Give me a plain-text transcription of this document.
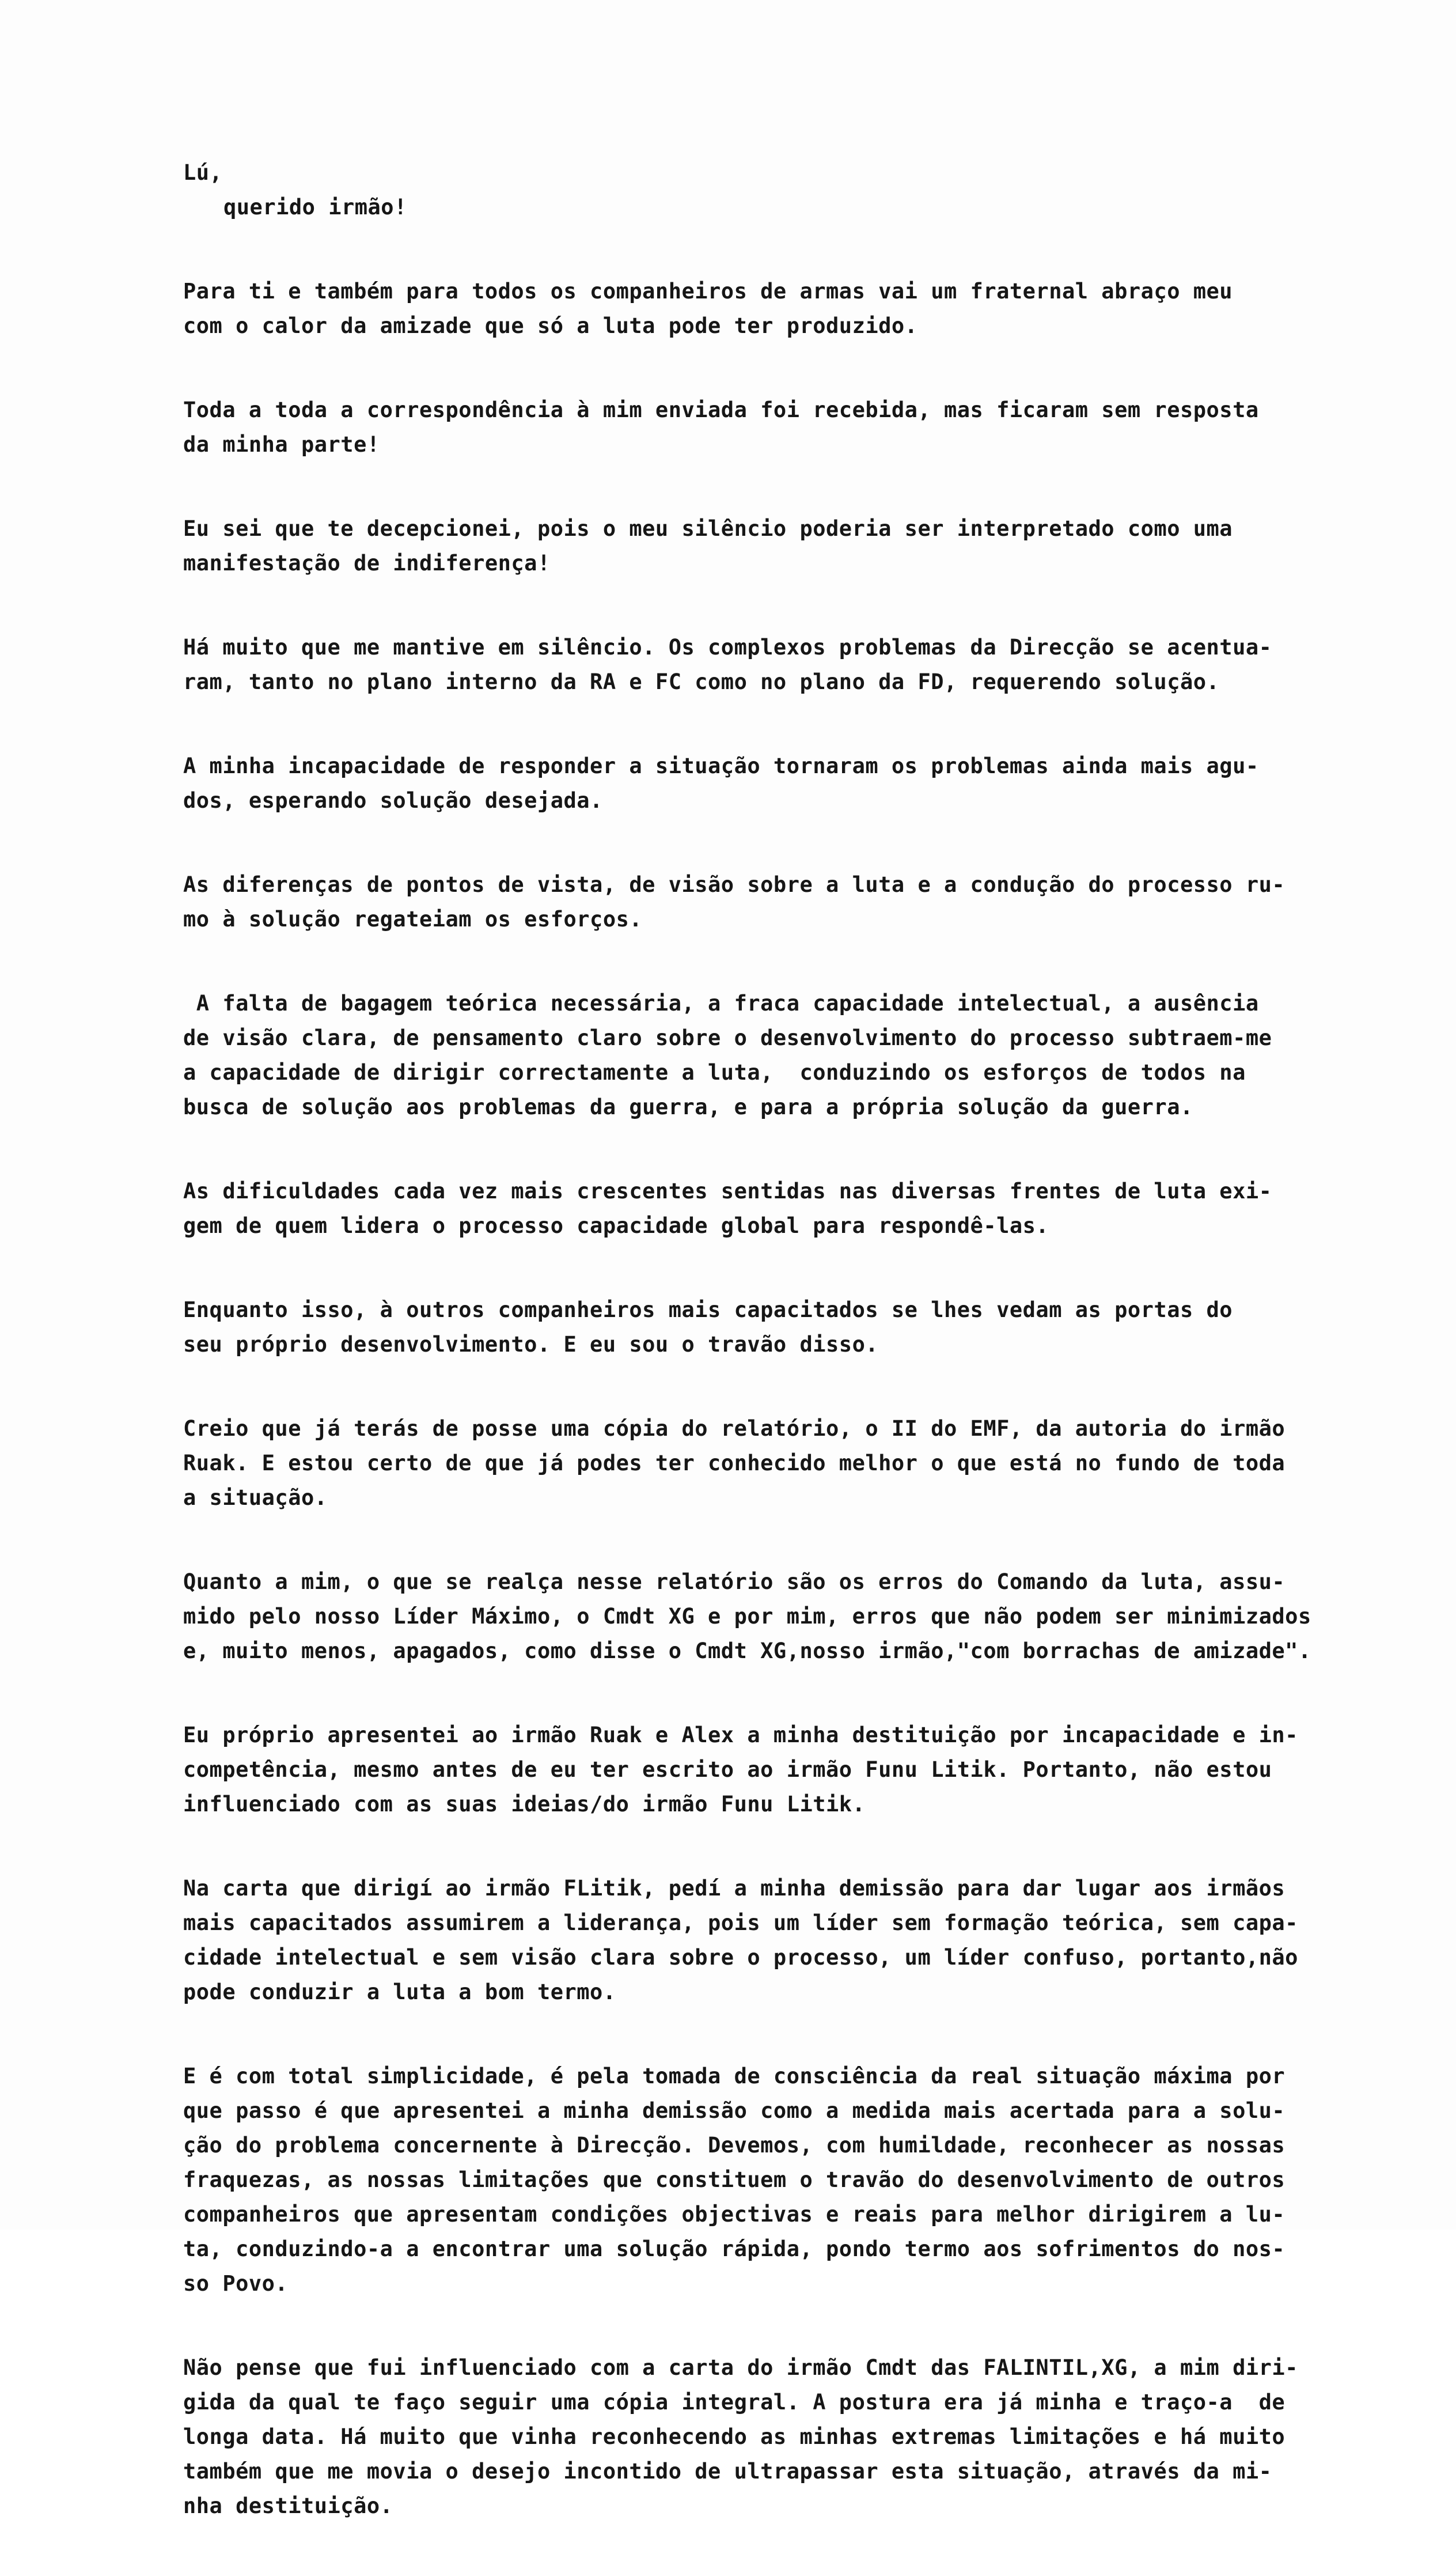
Lú,

querido irmão!

Para ti e também para todos os companheiros de armas vai um fraternal abraço meu
com o calor da amizade que só a luta pode ter produzido.
Toda a toda a correspondência à mim enviada foi recebida, mas ficaram sem resposta
da minha parte!
Eu sei que te decepcionei, pois o meu silêncio poderia ser interpretado como uma
manifestação de indiferença!
Há muito que me mantive em silêncio. Os complexos problemas da Direcção se acentua-
ram, tanto no plano interno da RA e FC como no plano da FD, requerendo solução.
A minha incapacidade de responder a situação tornaram os problemas ainda mais agu-
dos, esperando solução desejada.
As diferenças de pontos de vista, de visão sobre a luta e a condução do processo ru-
mo à solução regateiam os esforços.
A falta de bagagem teórica necessária, a fraca capacidade intelectual, a ausência
de visão clara, de pensamento claro sobre o desenvolvimento do processo subtraem-me
a capacidade de dirigir correctamente a luta,  conduzindo os esforços de todos na
busca de solução aos problemas da guerra, e para a própria solução da guerra.
As dificuldades cada vez mais crescentes sentidas nas diversas frentes de luta exi-
gem de quem lidera o processo capacidade global para respondê-las.
Enquanto isso, à outros companheiros mais capacitados se lhes vedam as portas do
seu próprio desenvolvimento. E eu sou o travão disso.
Creio que já terás de posse uma cópia do relatório, o II do EMF, da autoria do irmão
Ruak. E estou certo de que já podes ter conhecido melhor o que está no fundo de toda
a situação.
Quanto a mim, o que se realça nesse relatório são os erros do Comando da luta, assu-
mido pelo nosso Líder Máximo, o Cmdt XG e por mim, erros que não podem ser minimizados
e, muito menos, apagados, como disse o Cmdt XG,nosso irmão,"com borrachas de amizade".
Eu próprio apresentei ao irmão Ruak e Alex a minha destituição por incapacidade e in-
competência, mesmo antes de eu ter escrito ao irmão Funu Litik. Portanto, não estou
influenciado com as suas ideias/do irmão Funu Litik.
Na carta que dirigí ao irmão FLitik, pedí a minha demissão para dar lugar aos irmãos
mais capacitados assumirem a liderança, pois um líder sem formação teórica, sem capa-
cidade intelectual e sem visão clara sobre o processo, um líder confuso, portanto,não
pode conduzir a luta a bom termo.
E é com total simplicidade, é pela tomada de consciência da real situação máxima por
que passo é que apresentei a minha demissão como a medida mais acertada para a solu-
ção do problema concernente à Direcção. Devemos, com humildade, reconhecer as nossas
fraquezas, as nossas limitações que constituem o travão do desenvolvimento de outros
companheiros que apresentam condições objectivas e reais para melhor dirigirem a lu-
ta, conduzindo-a a encontrar uma solução rápida, pondo termo aos sofrimentos do nos-
so Povo.
Não pense que fui influenciado com a carta do irmão Cmdt das FALINTIL,XG, a mim diri-
gida da qual te faço seguir uma cópia integral. A postura era já minha e traço-a  de
longa data. Há muito que vinha reconhecendo as minhas extremas limitações e há muito
também que me movia o desejo incontido de ultrapassar esta situação, através da mi-
nha destituição.
